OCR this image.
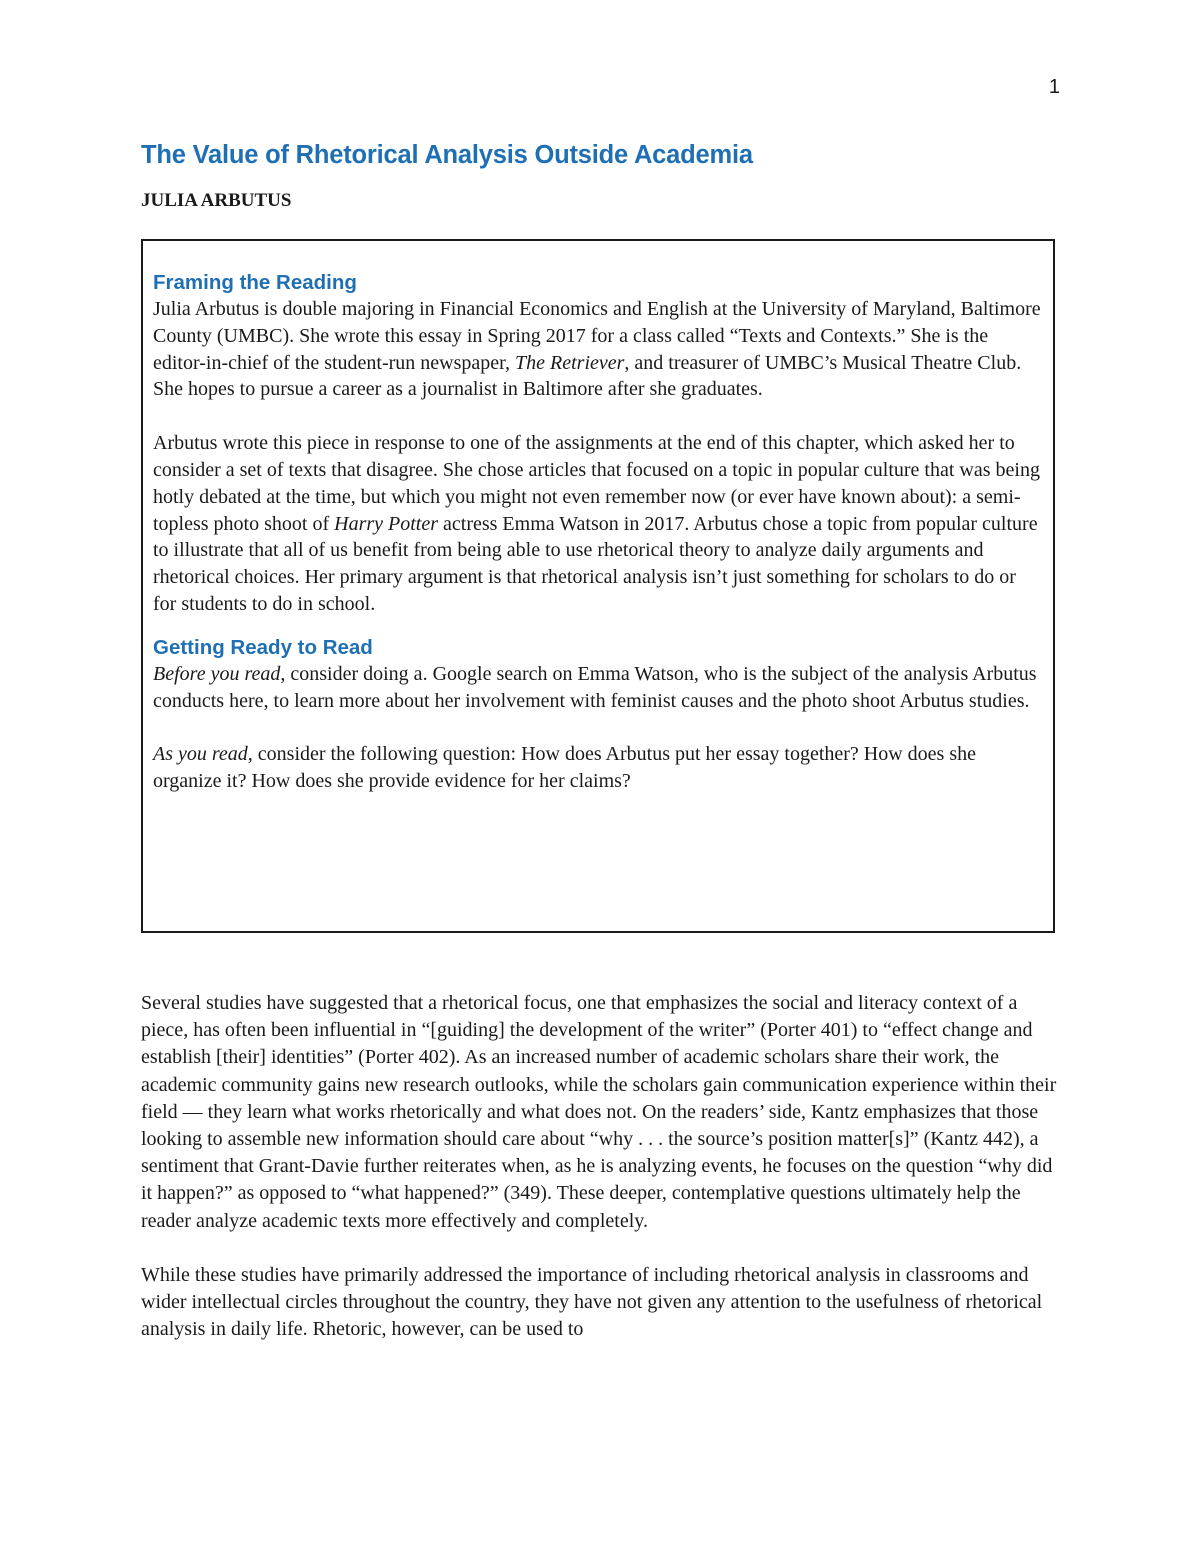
1
The Value of Rhetorical Analysis Outside Academia
JULIA ARBUTUS
Framing the Reading

Julia Arbutus is double majoring in Financial Economics and English at the University of Maryland, Baltimore County (UMBC). She wrote this essay in Spring 2017 for a class called “Texts and Contexts.” She is the editor-in-chief of the student-run newspaper, The Retriever, and treasurer of UMBC’s Musical Theatre Club. She hopes to pursue a career as a journalist in Baltimore after she graduates.

Arbutus wrote this piece in response to one of the assignments at the end of this chapter, which asked her to consider a set of texts that disagree. She chose articles that focused on a topic in popular culture that was being hotly debated at the time, but which you might not even remember now (or ever have known about): a semi-topless photo shoot of Harry Potter actress Emma Watson in 2017. Arbutus chose a topic from popular culture to illustrate that all of us benefit from being able to use rhetorical theory to analyze daily arguments and rhetorical choices. Her primary argument is that rhetorical analysis isn’t just something for scholars to do or for students to do in school.

Getting Ready to Read

Before you read, consider doing a. Google search on Emma Watson, who is the subject of the analysis Arbutus conducts here, to learn more about her involvement with feminist causes and the photo shoot Arbutus studies.

As you read, consider the following question: How does Arbutus put her essay together? How does she organize it? How does she provide evidence for her claims?

Several studies have suggested that a rhetorical focus, one that emphasizes the social and literacy context of a piece, has often been influential in “[guiding] the development of the writer” (Porter 401) to “effect change and establish [their] identities” (Porter 402). As an increased number of academic scholars share their work, the academic community gains new research outlooks, while the scholars gain communication experience within their field — they learn what works rhetorically and what does not. On the readers’ side, Kantz emphasizes that those looking to assemble new information should care about “why . . . the source’s position matter[s]” (Kantz 442), a sentiment that Grant-Davie further reiterates when, as he is analyzing events, he focuses on the question “why did it happen?” as opposed to “what happened?” (349). These deeper, contemplative questions ultimately help the reader analyze academic texts more effectively and completely.

While these studies have primarily addressed the importance of including rhetorical analysis in classrooms and wider intellectual circles throughout the country, they have not given any attention to the usefulness of rhetorical analysis in daily life. Rhetoric, however, can be used to
